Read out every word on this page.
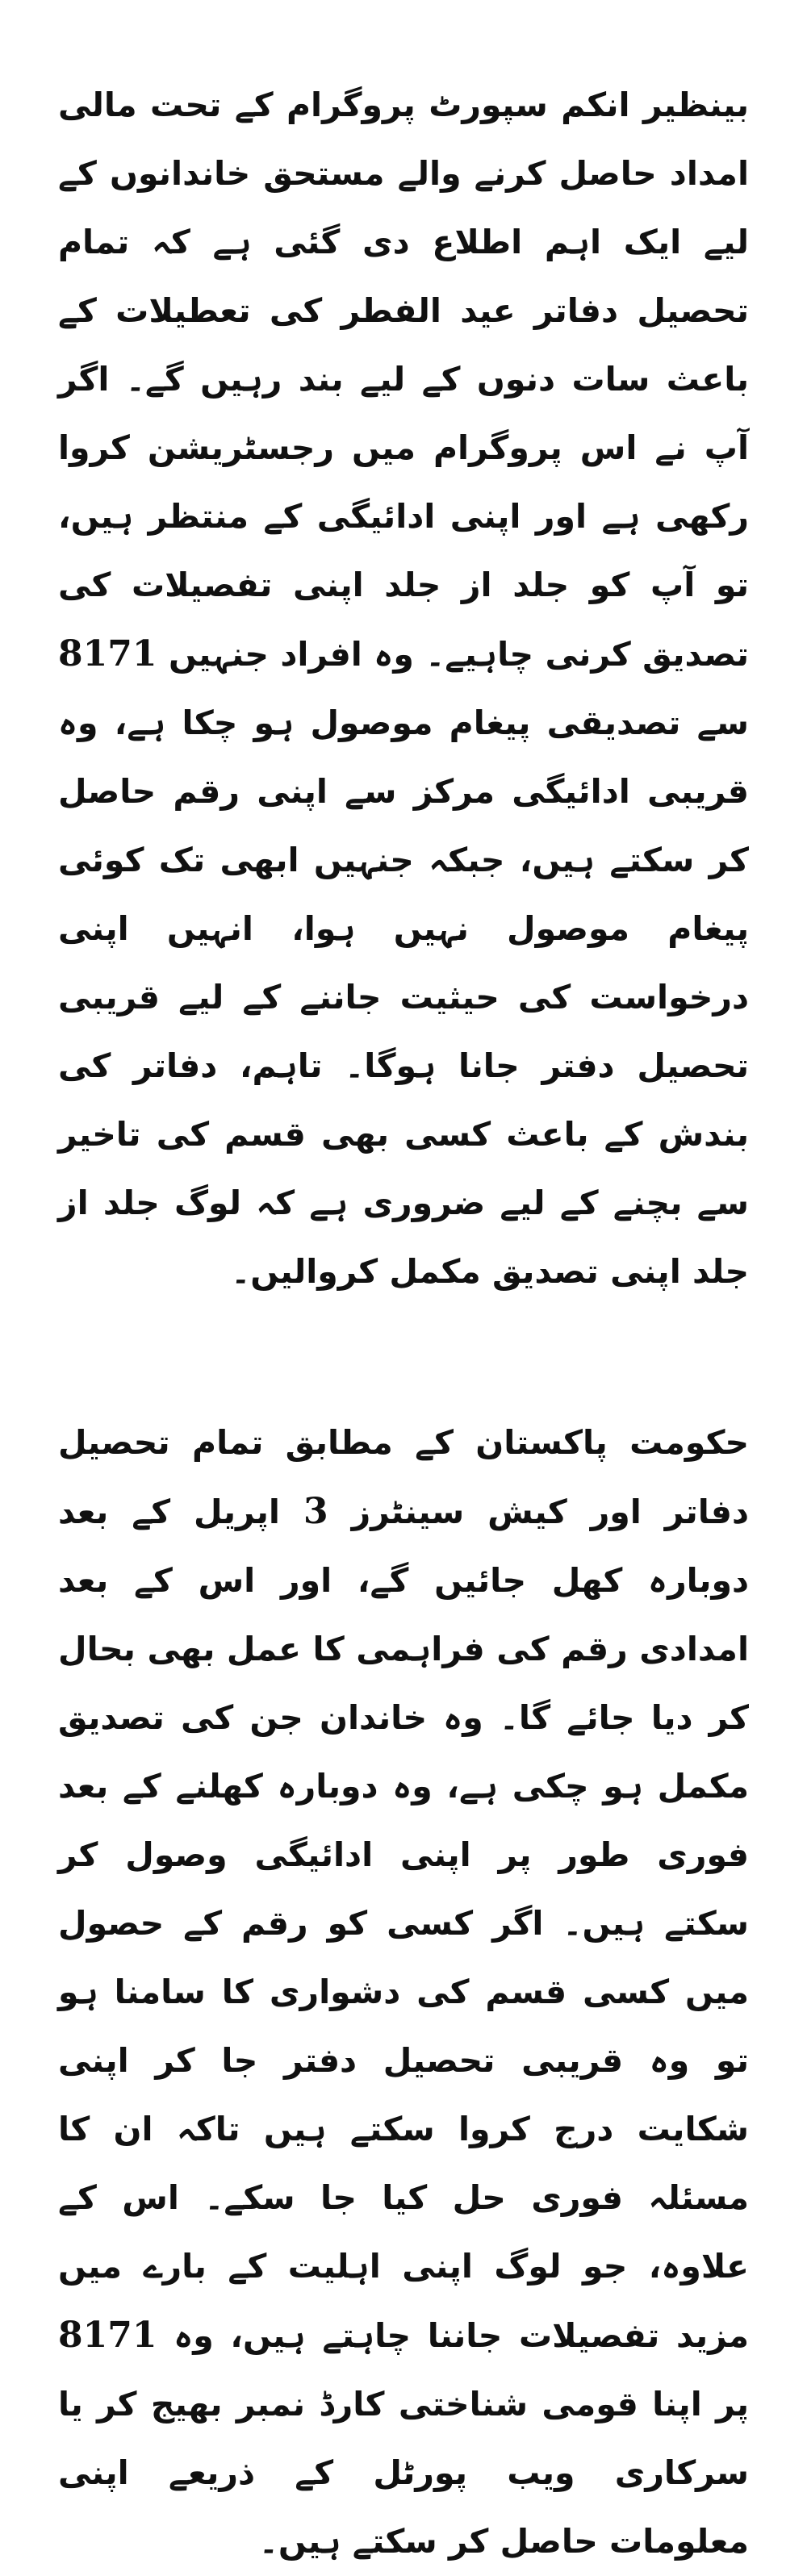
بینظیر انکم سپورٹ پروگرام کے تحت مالی امداد حاصل کرنے والے مستحق خاندانوں کے لیے ایک اہم اطلاع دی گئی ہے کہ تمام تحصیل دفاتر عید الفطر کی تعطیلات کے باعث سات دنوں کے لیے بند رہیں گے۔ اگر آپ نے اس پروگرام میں رجسٹریشن کروا رکھی ہے اور اپنی ادائیگی کے منتظر ہیں، تو آپ کو جلد از جلد اپنی تفصیلات کی تصدیق کرنی چاہیے۔ وہ افراد جنہیں 8171 سے تصدیقی پیغام موصول ہو چکا ہے، وہ قریبی ادائیگی مرکز سے اپنی رقم حاصل کر سکتے ہیں، جبکہ جنہیں ابھی تک کوئی پیغام موصول نہیں ہوا، انہیں اپنی درخواست کی حیثیت جاننے کے لیے قریبی تحصیل دفتر جانا ہوگا۔ تاہم، دفاتر کی بندش کے باعث کسی بھی قسم کی تاخیر سے بچنے کے لیے ضروری ہے کہ لوگ جلد از جلد اپنی تصدیق مکمل کروالیں۔

حکومت پاکستان کے مطابق تمام تحصیل دفاتر اور کیش سینٹرز 3 اپریل کے بعد دوبارہ کھل جائیں گے، اور اس کے بعد امدادی رقم کی فراہمی کا عمل بھی بحال کر دیا جائے گا۔ وہ خاندان جن کی تصدیق مکمل ہو چکی ہے، وہ دوبارہ کھلنے کے بعد فوری طور پر اپنی ادائیگی وصول کر سکتے ہیں۔ اگر کسی کو رقم کے حصول میں کسی قسم کی دشواری کا سامنا ہو تو وہ قریبی تحصیل دفتر جا کر اپنی شکایت درج کروا سکتے ہیں تاکہ ان کا مسئلہ فوری حل کیا جا سکے۔ اس کے علاوہ، جو لوگ اپنی اہلیت کے بارے میں مزید تفصیلات جاننا چاہتے ہیں، وہ 8171 پر اپنا قومی شناختی کارڈ نمبر بھیج کر یا سرکاری ویب پورٹل کے ذریعے اپنی معلومات حاصل کر سکتے ہیں۔
